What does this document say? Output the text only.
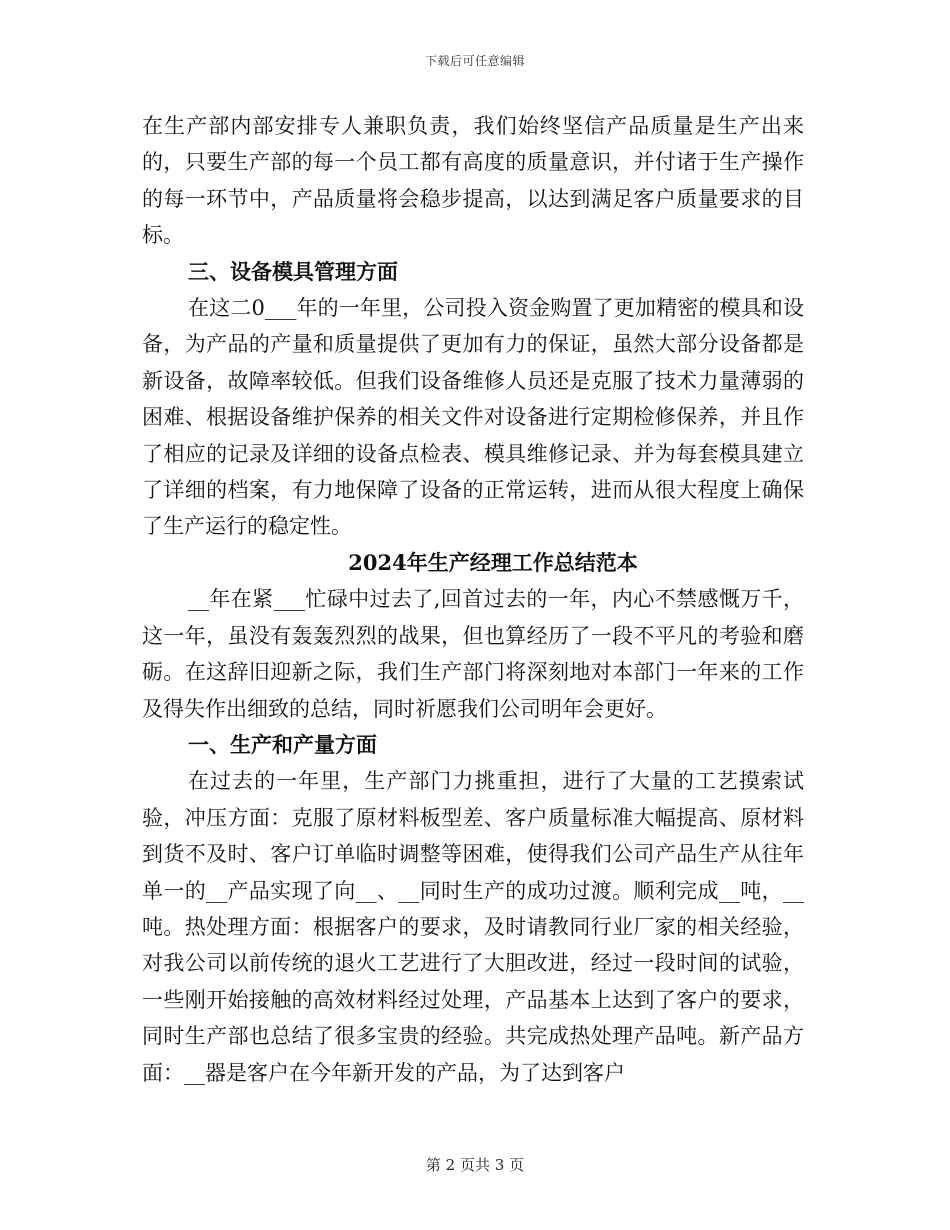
下载后可任意编辑

在生产部内部安排专人兼职负责，我们始终坚信产品质量是生产出来的，只要生产部的每一个员工都有高度的质量意识，并付诸于生产操作的每一环节中，产品质量将会稳步提高，以达到满足客户质量要求的目标。

三、设备模具管理方面

在这二0___年的一年里，公司投入资金购置了更加精密的模具和设备，为产品的产量和质量提供了更加有力的保证，虽然大部分设备都是新设备，故障率较低。但我们设备维修人员还是克服了技术力量薄弱的困难、根据设备维护保养的相关文件对设备进行定期检修保养，并且作了相应的记录及详细的设备点检表、模具维修记录、并为每套模具建立了详细的档案，有力地保障了设备的正常运转，进而从很大程度上确保了生产运行的稳定性。

2024年生产经理工作总结范本

__年在紧___忙碌中过去了,回首过去的一年，内心不禁感慨万千，这一年，虽没有轰轰烈烈的战果，但也算经历了一段不平凡的考验和磨砺。在这辞旧迎新之际，我们生产部门将深刻地对本部门一年来的工作及得失作出细致的总结，同时祈愿我们公司明年会更好。

一、生产和产量方面

在过去的一年里，生产部门力挑重担，进行了大量的工艺摸索试验，冲压方面：克服了原材料板型差、客户质量标准大幅提高、原材料到货不及时、客户订单临时调整等困难，使得我们公司产品生产从往年单一的__产品实现了向__、__同时生产的成功过渡。顺利完成__吨，__吨。热处理方面：根据客户的要求，及时请教同行业厂家的相关经验，对我公司以前传统的退火工艺进行了大胆改进，经过一段时间的试验，一些刚开始接触的高效材料经过处理，产品基本上达到了客户的要求，同时生产部也总结了很多宝贵的经验。共完成热处理产品吨。新产品方面：__器是客户在今年新开发的产品，为了达到客户

第 2 页共 3 页
